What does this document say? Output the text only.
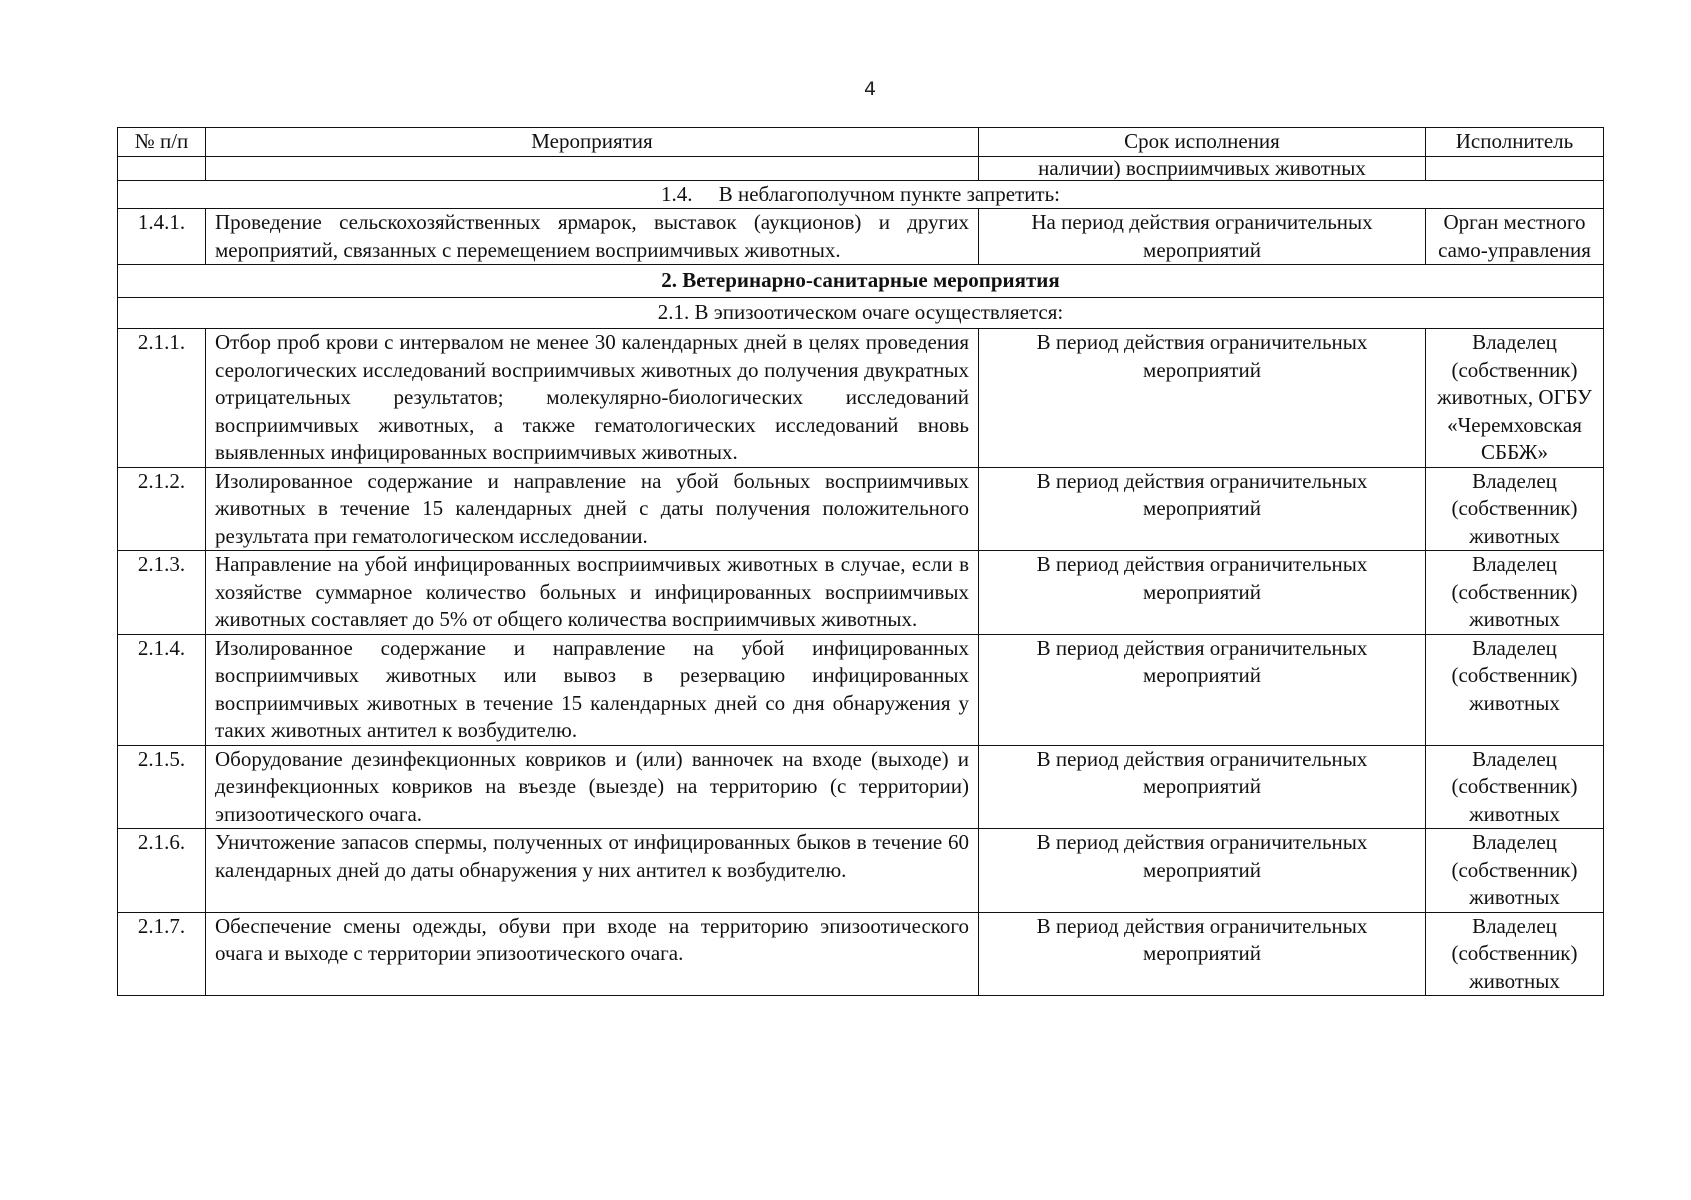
4
№ п/п	Мероприятия	Срок исполнения	Исполнитель
		наличии) восприимчивых животных	
1.4.     В неблагополучном пункте запретить:			
1.4.1.	Проведение сельскохозяйственных ярмарок, выставок (аукционов) и других мероприятий, связанных с перемещением восприимчивых животных.	На период действия ограничительных мероприятий	Орган местного само-управления
2. Ветеринарно-санитарные мероприятия			
2.1. В эпизоотическом очаге осуществляется:			
2.1.1.	Отбор проб крови с интервалом не менее 30 календарных дней в целях проведения серологических исследований восприимчивых животных до получения двукратных отрицательных результатов; молекулярно-биологических исследований восприимчивых животных, а также гематологических исследований вновь выявленных инфицированных восприимчивых животных.	В период действия ограничительных мероприятий	Владелец (собственник) животных, ОГБУ «Черемховская СББЖ»
2.1.2.	Изолированное содержание и направление на убой больных восприимчивых животных в течение 15 календарных дней с даты получения положительного результата при гематологическом исследовании.	В период действия ограничительных мероприятий	Владелец (собственник) животных
2.1.3.	Направление на убой инфицированных восприимчивых животных в случае, если в хозяйстве суммарное количество больных и инфицированных восприимчивых животных составляет до 5% от общего количества восприимчивых животных.	В период действия ограничительных мероприятий	Владелец (собственник) животных
2.1.4.	Изолированное содержание и направление на убой инфицированных восприимчивых животных или вывоз в резервацию инфицированных восприимчивых животных в течение 15 календарных дней со дня обнаружения у таких животных антител к возбудителю.	В период действия ограничительных мероприятий	Владелец (собственник) животных
2.1.5.	Оборудование дезинфекционных ковриков и (или) ванночек на входе (выходе) и дезинфекционных ковриков на въезде (выезде) на территорию (с территории) эпизоотического очага.	В период действия ограничительных мероприятий	Владелец (собственник) животных
2.1.6.	Уничтожение запасов спермы, полученных от инфицированных быков в течение 60 календарных дней до даты обнаружения у них антител к возбудителю.	В период действия ограничительных мероприятий	Владелец (собственник) животных
2.1.7.	Обеспечение смены одежды, обуви при входе на территорию эпизоотического очага и выходе с территории эпизоотического очага.	В период действия ограничительных мероприятий	Владелец (собственник) животных
